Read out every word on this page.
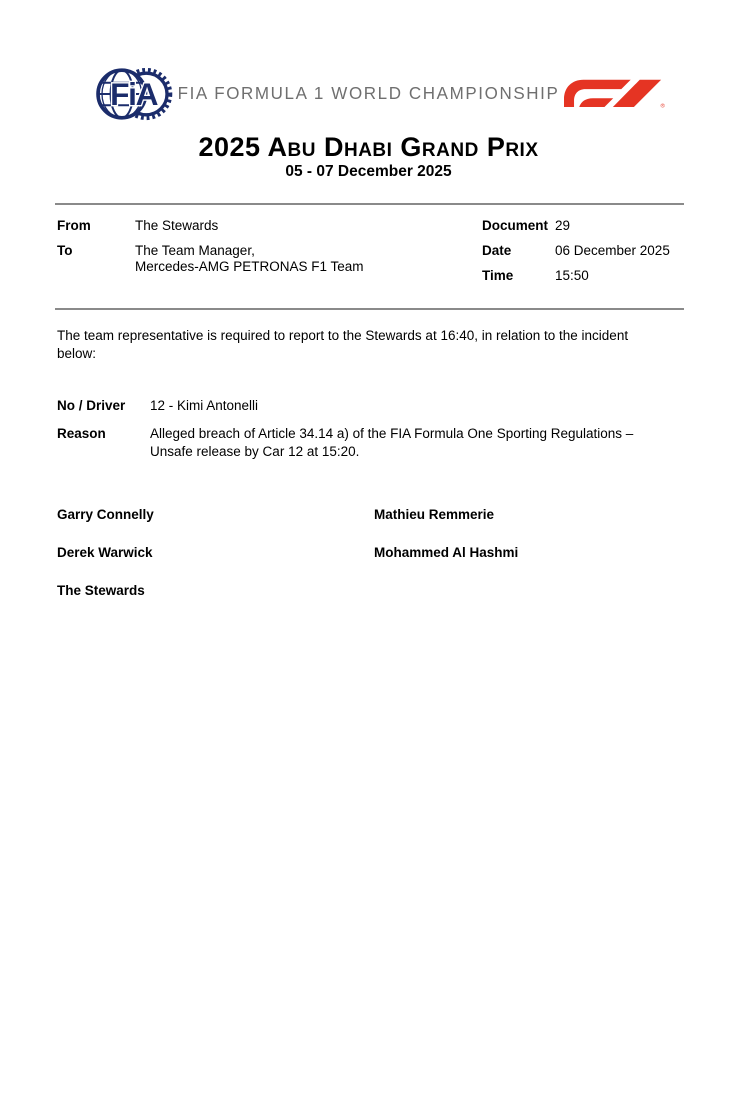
FiA FIA FORMULA 1 WORLD CHAMPIONSHIP
®
2025 Abu Dhabi Grand Prix
05 - 07 December 2025
From	The Stewards
To	The Team Manager,
Mercedes-AMG PETRONAS F1 Team
Document 29
Date	06 December 2025
Time	15:50

The team representative is required to report to the Stewards at 16:40, in relation to the incident below:

No / Driver	12 - Kimi Antonelli
Reason	Alleged breach of Article 34.14 a) of the FIA Formula One Sporting Regulations – Unsafe release by Car 12 at 15:20.
Garry Connelly	Mathieu Remmerie
Derek Warwick	Mohammed Al Hashmi
The Stewards
